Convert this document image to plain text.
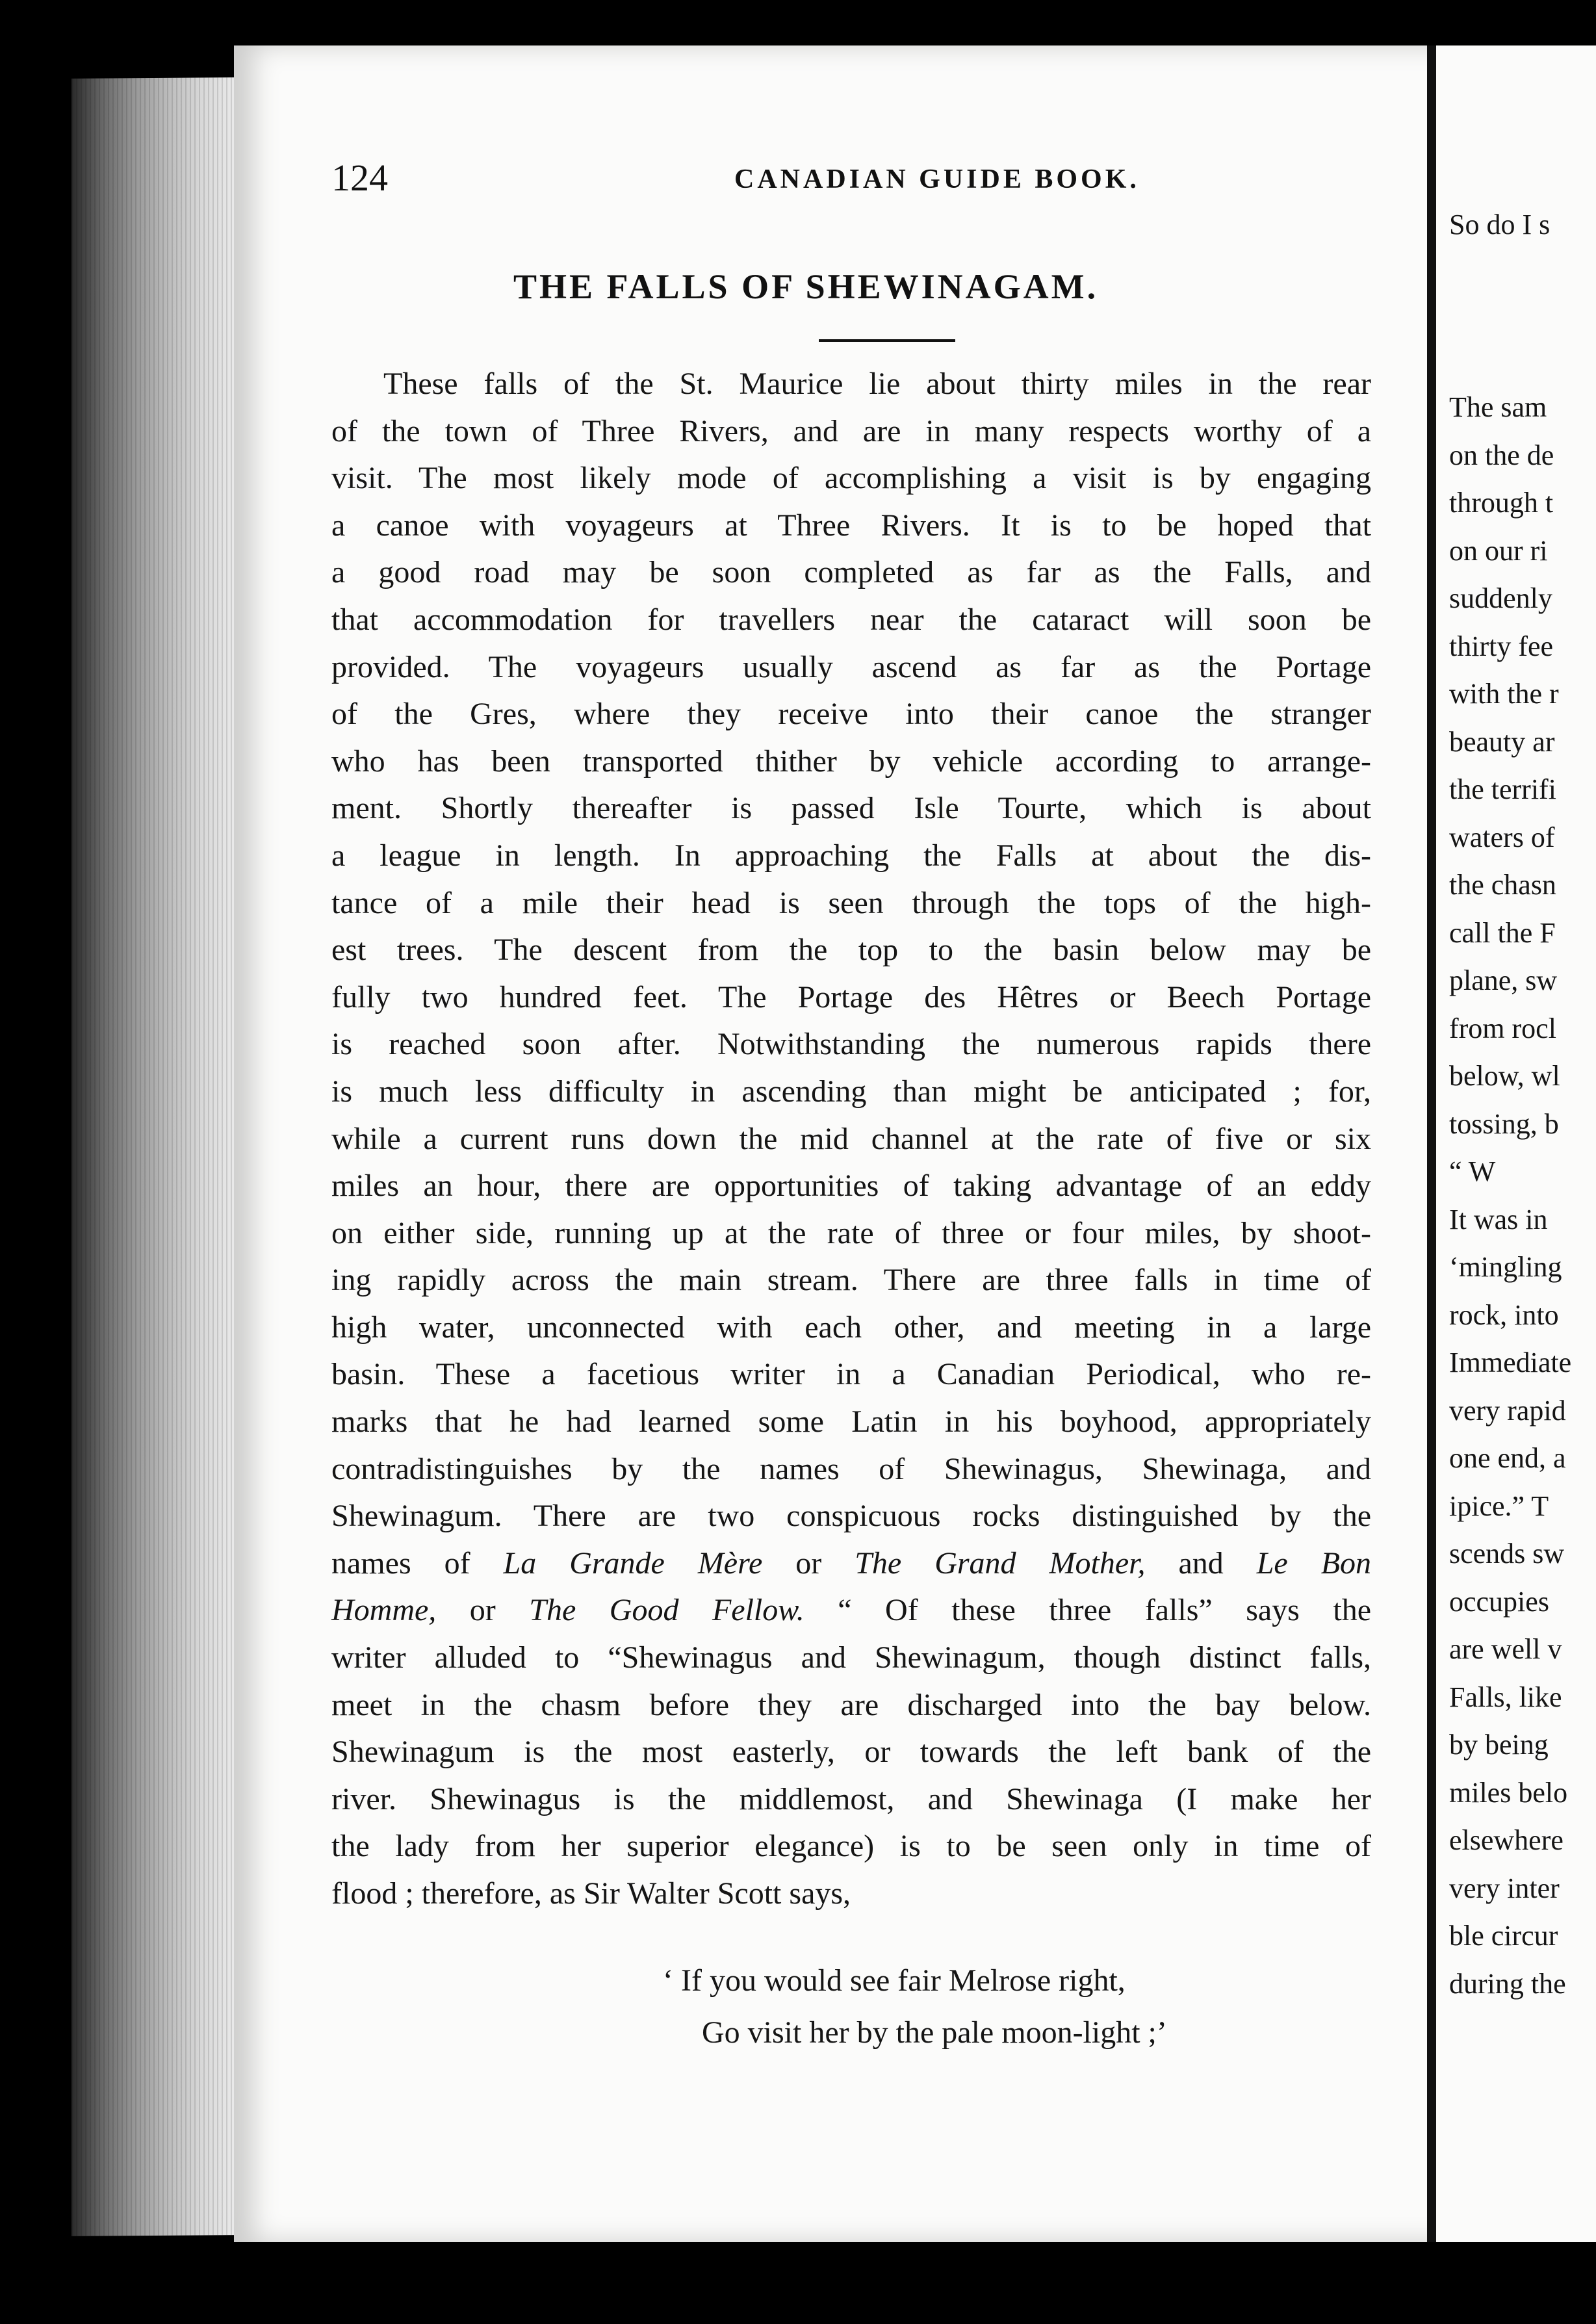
124	CANADIAN GUIDE BOOK.
THE FALLS OF SHEWINAGAM.
These falls of the St. Maurice lie about thirty miles in the rear
of the town of Three Rivers, and are in many respects worthy of a
visit. The most likely mode of accomplishing a visit is by engaging
a canoe with voyageurs at Three Rivers. It is to be hoped that
a good road may be soon completed as far as the Falls, and
that accommodation for travellers near the cataract will soon be
provided. The voyageurs usually ascend as far as the Portage
of the Gres, where they receive into their canoe the stranger
who has been transported thither by vehicle according to arrange-
ment. Shortly thereafter is passed Isle Tourte, which is about
a league in length. In approaching the Falls at about the dis-
tance of a mile their head is seen through the tops of the high-
est trees. The descent from the top to the basin below may be
fully two hundred feet. The Portage des Hêtres or Beech Portage
is reached soon after. Notwithstanding the numerous rapids there
is much less difficulty in ascending than might be anticipated ; for,
while a current runs down the mid channel at the rate of five or six
miles an hour, there are opportunities of taking advantage of an eddy
on either side, running up at the rate of three or four miles, by shoot-
ing rapidly across the main stream. There are three falls in time of
high water, unconnected with each other, and meeting in a large
basin. These a facetious writer in a Canadian Periodical, who re-
marks that he had learned some Latin in his boyhood, appropriately
contradistinguishes by the names of Shewinagus, Shewinaga, and
Shewinagum. There are two conspicuous rocks distinguished by the
names of La Grande Mère or The Grand Mother, and Le Bon
Homme, or The Good Fellow. “ Of these three falls” says the
writer alluded to “Shewinagus and Shewinagum, though distinct falls,
meet in the chasm before they are discharged into the bay below.
Shewinagum is the most easterly, or towards the left bank of the
river. Shewinagus is the middlemost, and Shewinaga (I make her
the lady from her superior elegance) is to be seen only in time of
flood ; therefore, as Sir Walter Scott says,
‘ If you would see fair Melrose right,
Go visit her by the pale moon-light ;’
So do I s
The sam
on the de
through t
on our ri
suddenly
thirty fee
with the r
beauty ar
the terrifi
waters of
the chasn
call the F
plane, sw
from rocl
below, wl
tossing, b
“ W
It was in
‘mingling
rock, into
Immediate
very rapid
one end, a
ipice.” T
scends sw
occupies
are well v
Falls, like
by being
miles belo
elsewhere
very inter
ble circur
during the
